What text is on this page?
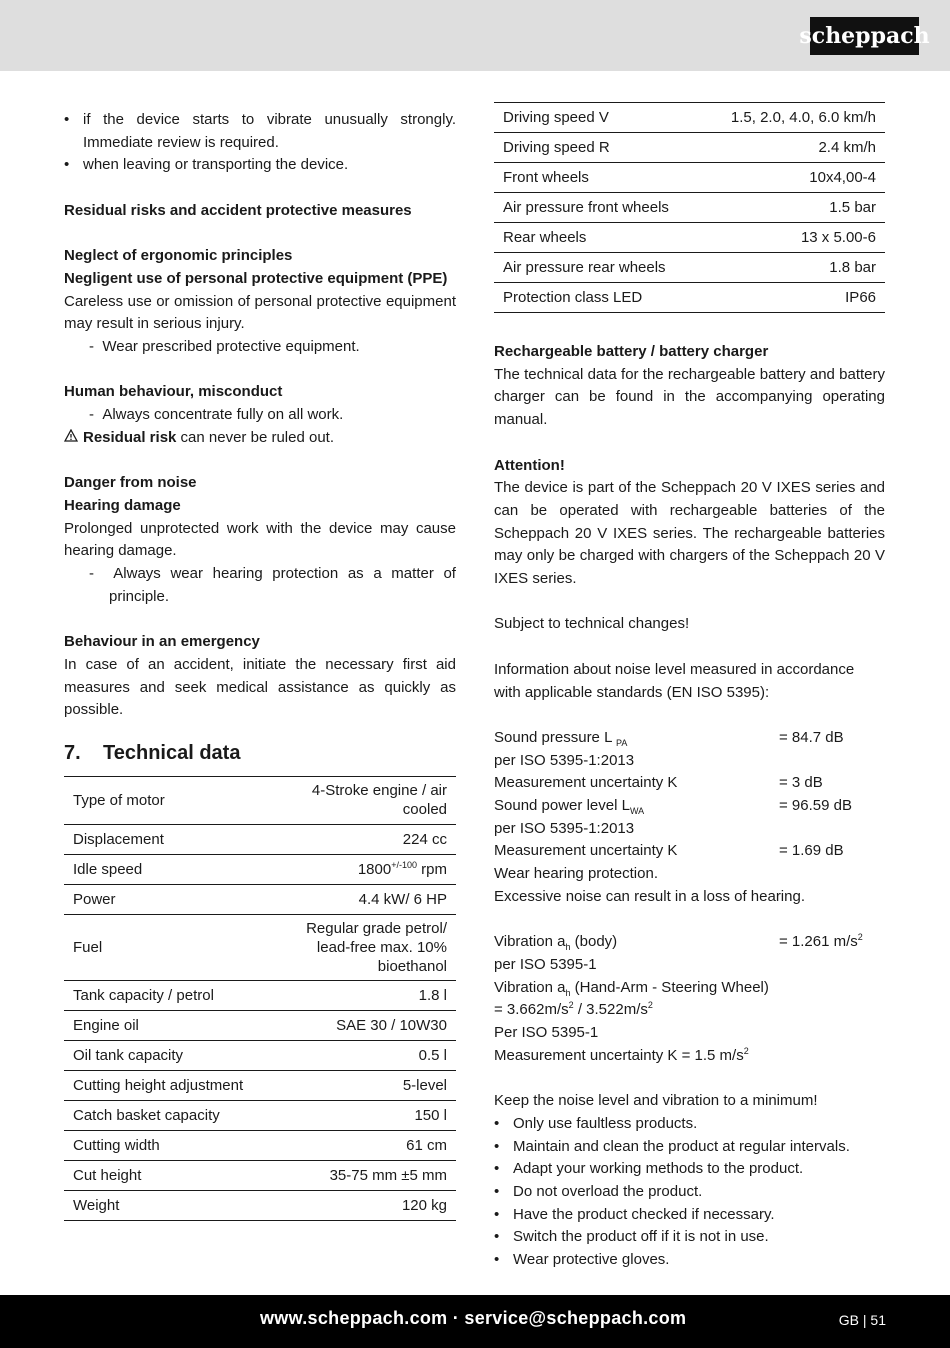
scheppach

• if the device starts to vibrate unusually strongly. Immediate review is required.

• when leaving or transporting the device.

Residual risks and accident protective measures

Neglect of ergonomic principles

Negligent use of personal protective equipment (PPE)

Careless use or omission of personal protective equipment may result in serious injury.

-  Wear prescribed protective equipment.

Human behaviour, misconduct

-  Always concentrate fully on all work.

Residual risk can never be ruled out.

Danger from noise

Hearing damage

Prolonged unprotected work with the device may cause hearing damage.

-  Always wear hearing protection as a matter of principle.

Behaviour in an emergency

In case of an accident, initiate the necessary first aid measures and seek medical assistance as quickly as possible.

7. Technical data
Type of motor	4-Stroke engine / air cooled
Displacement	224 cc
Idle speed	$1800^{+/-100}$ rpm
Power	4.4 kW/ 6 HP
Fuel	Regular grade petrol/ lead-free max. 10% bioethanol
Tank capacity / petrol	1.8 l
Engine oil	SAE 30 / 10W30
Oil tank capacity	0.5 l
Cutting height adjustment	5-level
Catch basket capacity	150 l
Cutting width	61 cm
Cut height	35-75 mm ±5 mm
Weight	120 kg
Driving speed V	1.5, 2.0, 4.0, 6.0 km/h
Driving speed R	2.4 km/h
Front wheels	10x4,00-4
Air pressure front wheels	1.5 bar
Rear wheels	13 x 5.00-6
Air pressure rear wheels	1.8 bar
Protection class LED	IP66

Rechargeable battery / battery charger

The technical data for the rechargeable battery and battery charger can be found in the accompanying operating manual.

Attention!

The device is part of the Scheppach 20 V IXES series and can be operated with rechargeable batteries of the Scheppach 20 V IXES series. The rechargeable batteries may only be charged with chargers of the Scheppach 20 V IXES series.

Subject to technical changes!

Information about noise level measured in accordance with applicable standards (EN ISO 5395):

Sound pressure L $_{PA}$	= 84.7 dB

per ISO 5395-1:2013

Measurement uncertainty K	= 3 dB
Sound power level $L_{WA}$	= 96.59 dB

per ISO 5395-1:2013

Measurement uncertainty K	= 1.69 dB

Wear hearing protection.

Excessive noise can result in a loss of hearing.

Vibration $a_h$ (body)	= 1.261 $m/s^2$

per ISO 5395-1

Vibration $a_h$ (Hand-Arm - Steering Wheel)

= $3.662m/s^2 / 3.522m/s^2$

Per ISO 5395-1

Measurement uncertainty K = 1.5 $m/s^2$

Keep the noise level and vibration to a minimum!

• Only use faultless products.

• Maintain and clean the product at regular intervals.

• Adapt your working methods to the product.

• Do not overload the product.

• Have the product checked if necessary.

• Switch the product off if it is not in use.

• Wear protective gloves.

www.scheppach.com · service@scheppach.com	GB | 51
